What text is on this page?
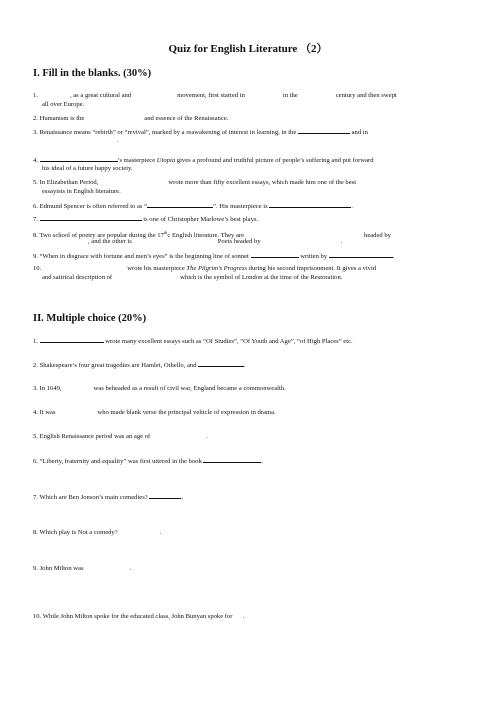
Quiz for English Literature （2）
I. Fill in the blanks. (30%)
1.	, as a great cultural and	movement, first started in	in the	century and then swept
all over Europe.
2. Humanism is the	and essence of the Renaissance.
3. Renaissance means “rebirth” or “revival”, marked by a reawakening of interest in learning, in the	and in
.
4.	’s masterpiece Utopia gives a profound and truthful picture of people’s suffering and put forward
his ideal of a future happy society.
5. In Elizabethan Period,	wrote more than fifty excellent essays, which made him one of the best
essayists in English literature.
6. Edmund Spencer is often referred to as “	”. His masterpiece is	.
7.	is one of Christopher Marlowe’s best plays.
8. Two school of poetry are popular during the 17thc English literature. They are	headed by
, and the other is	Poets headed by	.
9. “When in disgrace with fortune and men’s eyes” is the beginning line of sonnet	written by	.
10.	wrote his masterpiece The Pilgrim’s Progress during his second imprisonment. It gives a vivid
and satirical description of	which is the symbol of London at the time of the Restoration.
II. Multiple choice (20%)
1.	wrote many excellent essays such as “Of Studies”, “Of Youth and Age”, “of High Places” etc.
2. Shakespeare’s four great tragedies are Hamlet, Othello, and	.
3. In 1649,	was beheaded as a result of civil war, England became a commonwealth.
4. It was	who made blank verse the principal vehicle of expression in drama.
5. English Renaissance period was an age of	.
6. “Liberty, fraternity and equality” was first uttered in the book	.
7. Which are Ben Jonson’s main comedies?	.
8. Which play is Not a comedy?	.
9. John Milton was	.
10. While John Milton spoke for the educated class, John Bunyan spoke for .
